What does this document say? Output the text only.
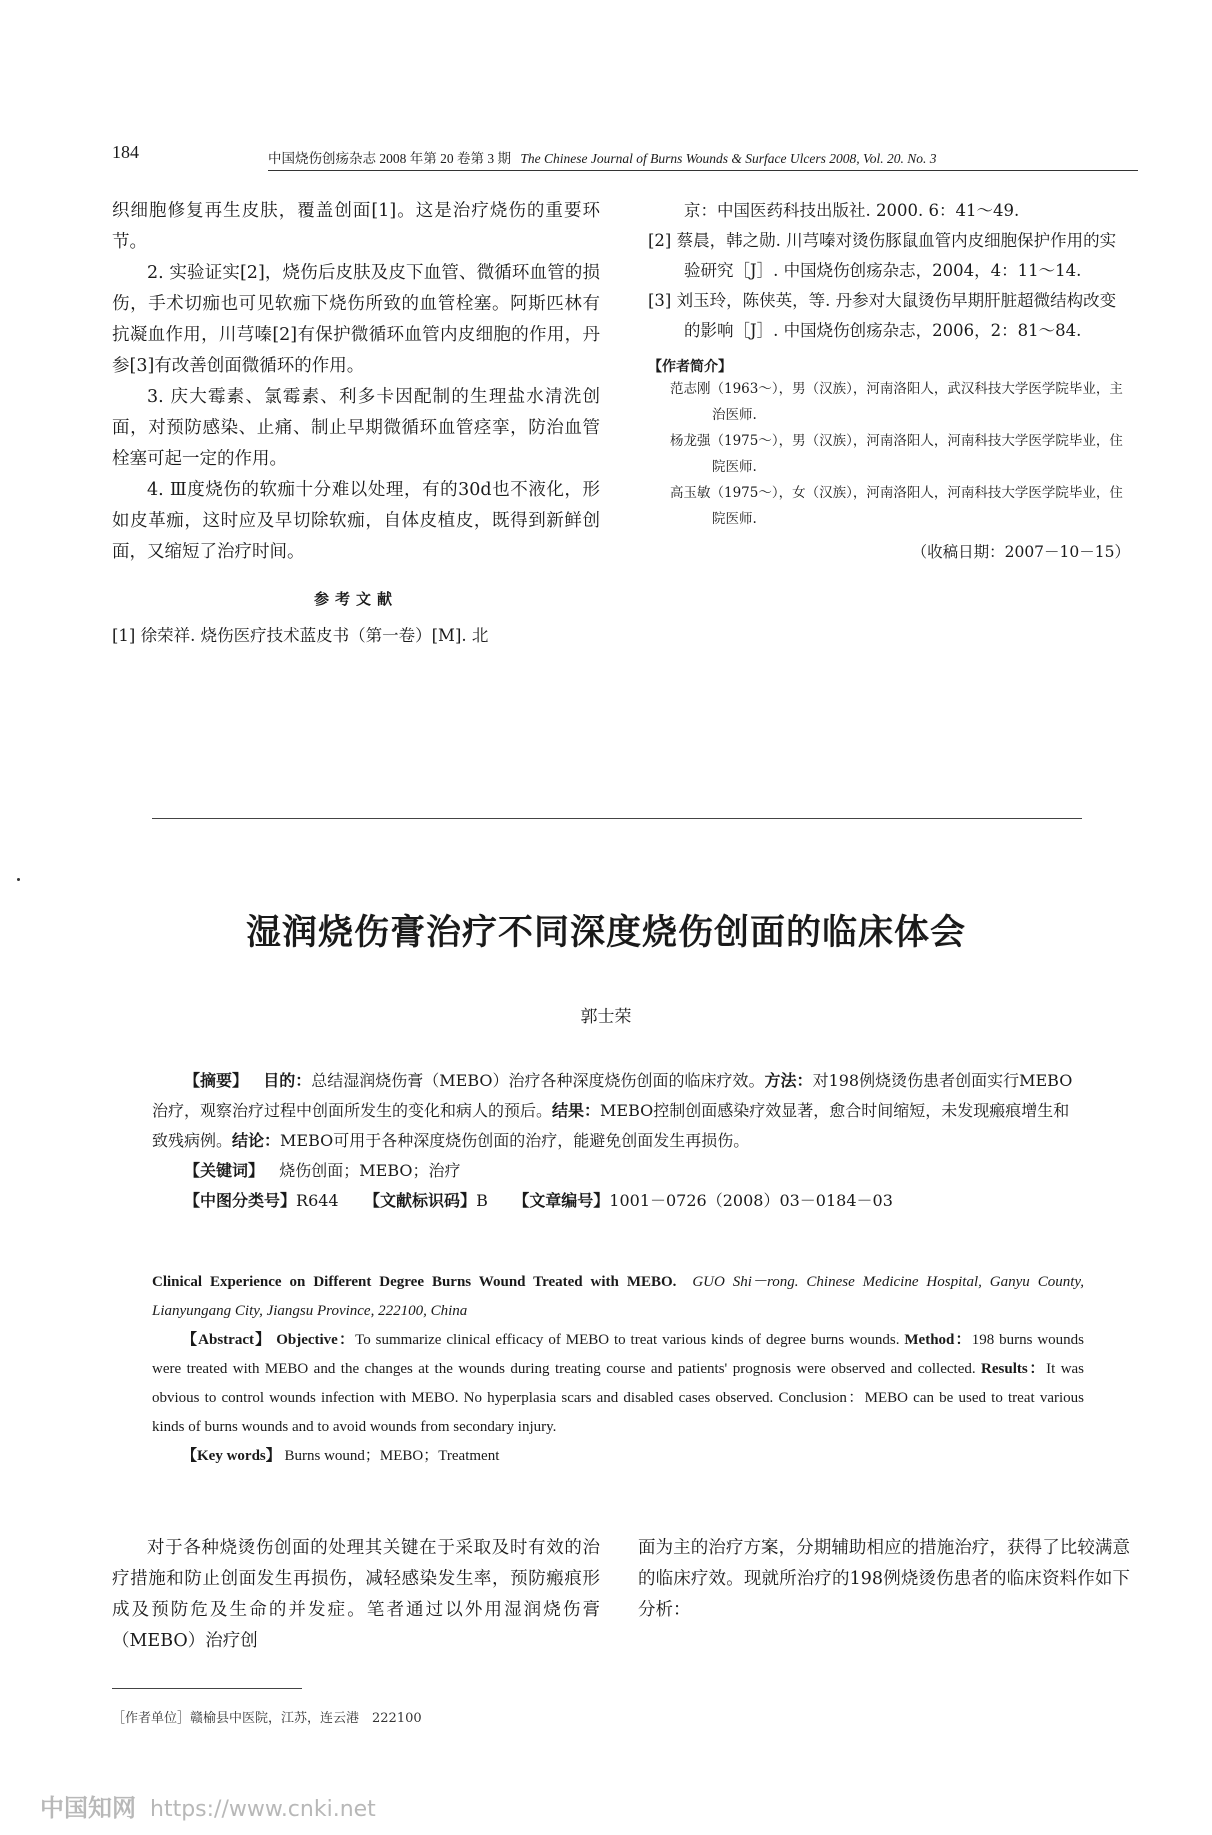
184	中国烧伤创疡杂志 2008 年第 20 卷第 3 期 The Chinese Journal of Burns Wounds & Surface Ulcers 2008, Vol. 20. No. 3

织细胞修复再生皮肤，覆盖创面[1]。这是治疗烧伤的重要环节。

2. 实验证实[2]，烧伤后皮肤及皮下血管、微循环血管的损伤，手术切痂也可见软痂下烧伤所致的血管栓塞。阿斯匹林有抗凝血作用，川芎嗪[2]有保护微循环血管内皮细胞的作用，丹参[3]有改善创面微循环的作用。

3. 庆大霉素、氯霉素、利多卡因配制的生理盐水清洗创面，对预防感染、止痛、制止早期微循环血管痉挛，防治血管栓塞可起一定的作用。

4. Ⅲ度烧伤的软痂十分难以处理，有的30d也不液化，形如皮革痂，这时应及早切除软痂，自体皮植皮，既得到新鲜创面，又缩短了治疗时间。

参考文献

[1] 徐荣祥. 烧伤医疗技术蓝皮书（第一卷）[M]. 北

京：中国医药科技出版社. 2000. 6：41～49.

[2] 蔡晨，韩之勋. 川芎嗪对烫伤豚鼠血管内皮细胞保护作用的实验研究［J］. 中国烧伤创疡杂志，2004，4：11～14.

[3] 刘玉玲，陈侠英，等. 丹参对大鼠烫伤早期肝脏超微结构改变的影响［J］. 中国烧伤创疡杂志，2006，2：81～84.

【作者简介】

范志刚（1963～），男（汉族），河南洛阳人，武汉科技大学医学院毕业，主治医师.

杨龙强（1975～），男（汉族），河南洛阳人，河南科技大学医学院毕业，住院医师.

高玉敏（1975～），女（汉族），河南洛阳人，河南科技大学医学院毕业，住院医师.

（收稿日期：2007－10－15）
湿润烧伤膏治疗不同深度烧伤创面的临床体会
郭士荣

【摘要】 目的：总结湿润烧伤膏（MEBO）治疗各种深度烧伤创面的临床疗效。方法：对198例烧烫伤患者创面实行MEBO治疗，观察治疗过程中创面所发生的变化和病人的预后。结果：MEBO控制创面感染疗效显著，愈合时间缩短，未发现瘢痕增生和致残病例。结论：MEBO可用于各种深度烧伤创面的治疗，能避免创面发生再损伤。

【关键词】 烧伤创面；MEBO；治疗

【中图分类号】R644 【文献标识码】B 【文章编号】1001－0726（2008）03－0184－03

Clinical Experience on Different Degree Burns Wound Treated with MEBO. GUO Shi－rong. Chinese Medicine Hospital, Ganyu County, Lianyungang City, Jiangsu Province, 222100, China

【Abstract】 Objective：To summarize clinical efficacy of MEBO to treat various kinds of degree burns wounds. Method：198 burns wounds were treated with MEBO and the changes at the wounds during treating course and patients' prognosis were observed and collected. Results：It was obvious to control wounds infection with MEBO. No hyperplasia scars and disabled cases observed. Conclusion：MEBO can be used to treat various kinds of burns wounds and to avoid wounds from secondary injury.

【Key words】 Burns wound；MEBO；Treatment

对于各种烧烫伤创面的处理其关键在于采取及时有效的治疗措施和防止创面发生再损伤，减轻感染发生率，预防瘢痕形成及预防危及生命的并发症。笔者通过以外用湿润烧伤膏（MEBO）治疗创

面为主的治疗方案，分期辅助相应的措施治疗，获得了比较满意的临床疗效。现就所治疗的198例烧烫伤患者的临床资料作如下分析：

［作者单位］赣榆县中医院，江苏，连云港　222100
中国知网 https://www.cnki.net
